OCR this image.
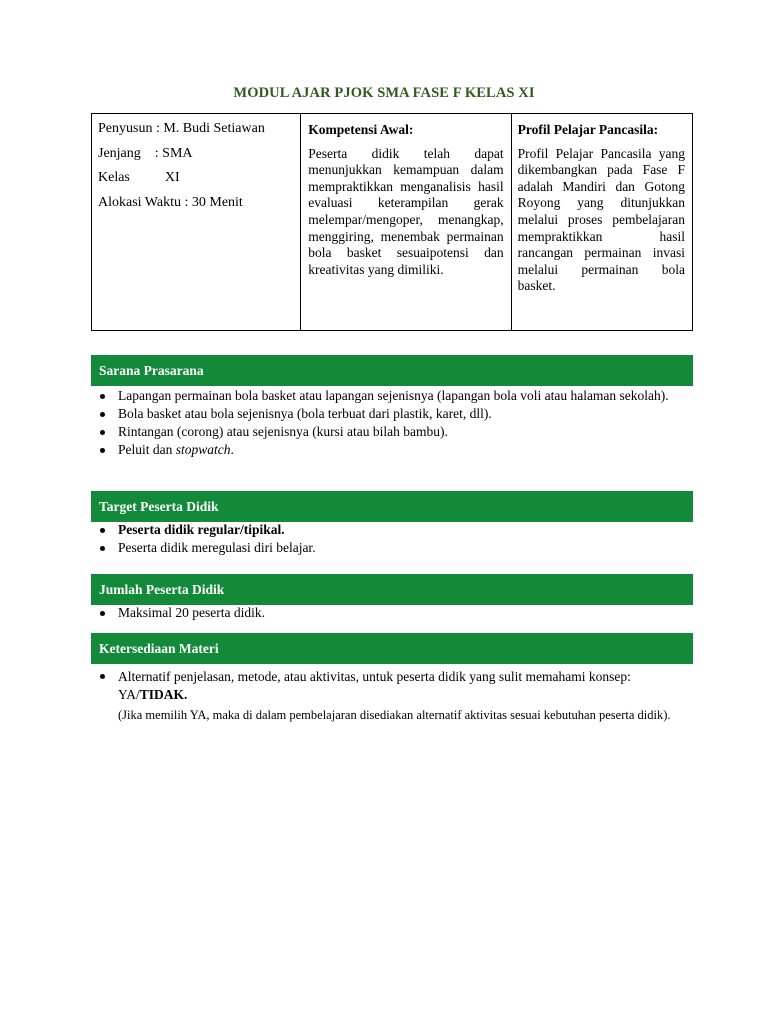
MODUL AJAR PJOK SMA FASE F KELAS XI
Penyusun : M. Budi Setiawan
Jenjang    : SMA
Kelas          XI
Alokasi Waktu : 30 Menit
Kompetensi Awal:
Peserta didik telah dapat menunjukkan kemampuan dalam mempraktikkan menganalisis hasil evaluasi keterampilan gerak melempar/mengoper, menangkap, menggiring, menembak permainan bola basket sesuaipotensi dan kreativitas yang dimiliki.
Profil Pelajar Pancasila:
Profil Pelajar Pancasila yang dikembangkan pada Fase F adalah Mandiri dan Gotong Royong yang ditunjukkan melalui proses pembelajaran mempraktikkan hasil rancangan permainan invasi melalui permainan bola basket.
Sarana Prasarana
Lapangan permainan bola basket atau lapangan sejenisnya (lapangan bola voli atau halaman sekolah).
Bola basket atau bola sejenisnya (bola terbuat dari plastik, karet, dll).
Rintangan (corong) atau sejenisnya (kursi atau bilah bambu).
Peluit dan stopwatch.
Target Peserta Didik
Peserta didik regular/tipikal.
Peserta didik meregulasi diri belajar.
Jumlah Peserta Didik
Maksimal 20 peserta didik.
Ketersediaan Materi
Alternatif penjelasan, metode, atau aktivitas, untuk peserta didik yang sulit memahami konsep: YA/TIDAK.
(Jika memilih YA, maka di dalam pembelajaran disediakan alternatif aktivitas sesuai kebutuhan peserta didik).
